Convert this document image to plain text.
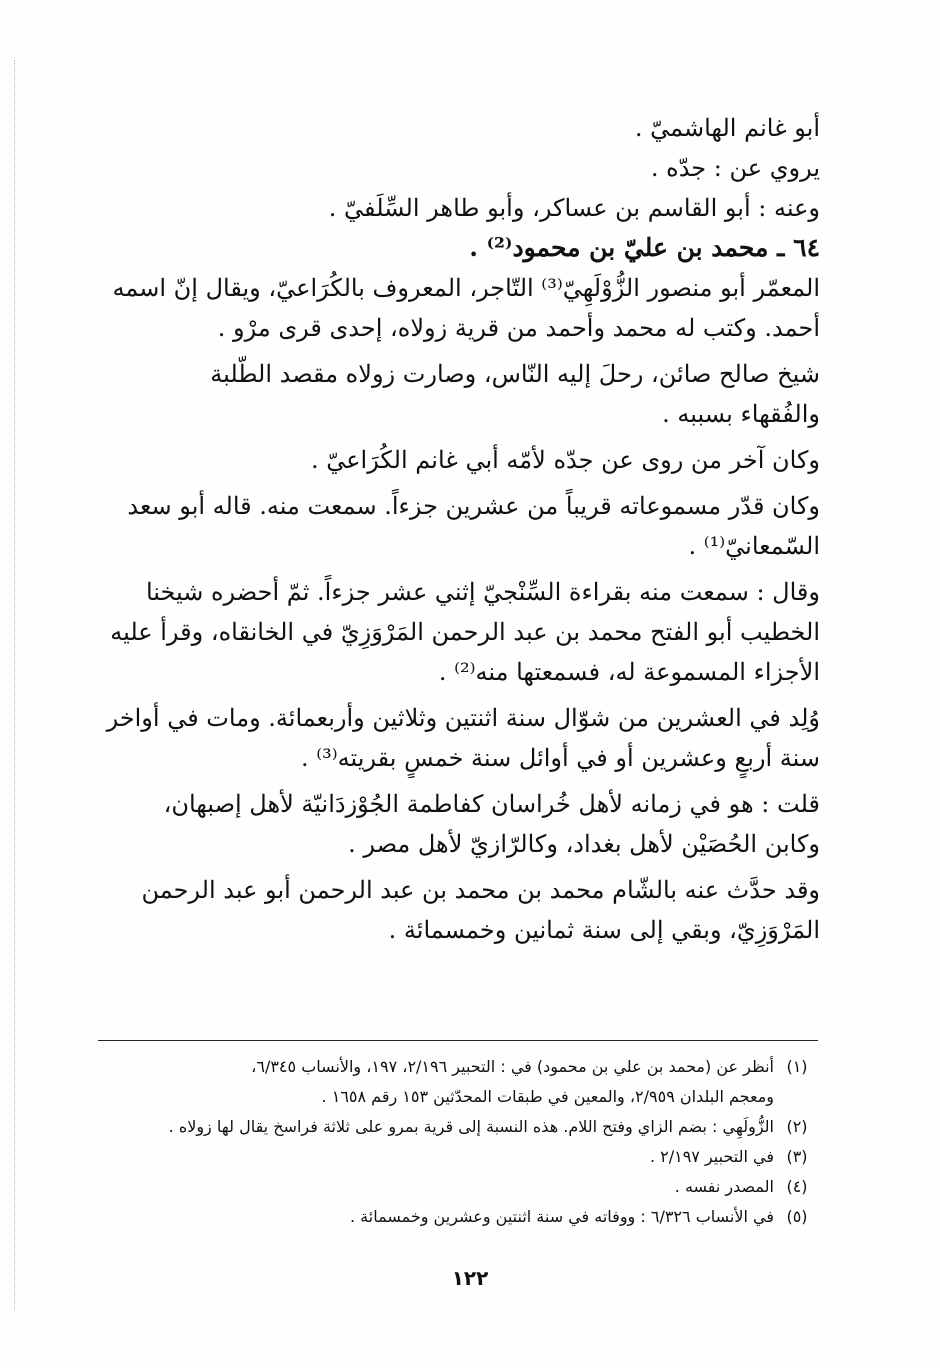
أبو غانم الهاشميّ .
يروي عن : جدّه .
وعنه : أبو القاسم بن عساكر، وأبو طاهر السِّلَفيّ .
٦٤ ـ محمد بن عليّ بن محمود⁽²⁾ .
المعمّر أبو منصور الزُّوْلَهِيّ⁽³⁾ التّاجر، المعروف بالكُرَاعيّ، ويقال إنّ اسمه
أحمد. وكتب له محمد وأحمد من قرية زولاه، إحدى قرى مرْو .
شيخ صالح صائن، رحلَ إليه النّاس، وصارت زولاه مقصد الطّلبة
والفُقهاء بسببه .
وكان آخر من روى عن جدّه لأمّه أبي غانم الكُرَاعيّ .
وكان قدّر مسموعاته قريباً من عشرين جزءاً. سمعت منه. قاله أبو سعد
السّمعانيّ⁽¹⁾ .
وقال : سمعت منه بقراءة السِّنْجيّ إثني عشر جزءاً. ثمّ أحضره شيخنا
الخطيب أبو الفتح محمد بن عبد الرحمن المَرْوَزِيّ في الخانقاه، وقرأ عليه
الأجزاء المسموعة له، فسمعتها منه⁽²⁾ .
وُلِد في العشرين من شوّال سنة اثنتين وثلاثين وأربعمائة. ومات في أواخر
سنة أربعٍ وعشرين أو في أوائل سنة خمسٍ بقريته⁽³⁾ .
قلت : هو في زمانه لأهل خُراسان كفاطمة الجُوْزدَانيّة لأهل إصبهان،
وكابن الحُصَيْن لأهل بغداد، وكالرّازيّ لأهل مصر .
وقد حدَّث عنه بالشّام محمد بن محمد بن عبد الرحمن أبو عبد الرحمن
المَرْوَزِيّ، وبقي إلى سنة ثمانين وخمسمائة .
(١)
أنظر عن (محمد بن علي بن محمود) في : التحبير ٢/١٩٦، ١٩٧، والأنساب ٦/٣٤٥،
ومعجم البلدان ٢/٩٥٩، والمعين في طبقات المحدّثين ١٥٣ رقم ١٦٥٨ .
(٢)
الزُّولَهِي : بضم الزاي وفتح اللام. هذه النسبة إلى قرية بمرو على ثلاثة فراسخ يقال لها زولاه .
(٣)
في التحبير ٢/١٩٧ .
(٤)
المصدر نفسه .
(٥)
في الأنساب ٦/٣٢٦ : ووفاته في سنة اثنتين وعشرين وخمسمائة .
١٢٢
